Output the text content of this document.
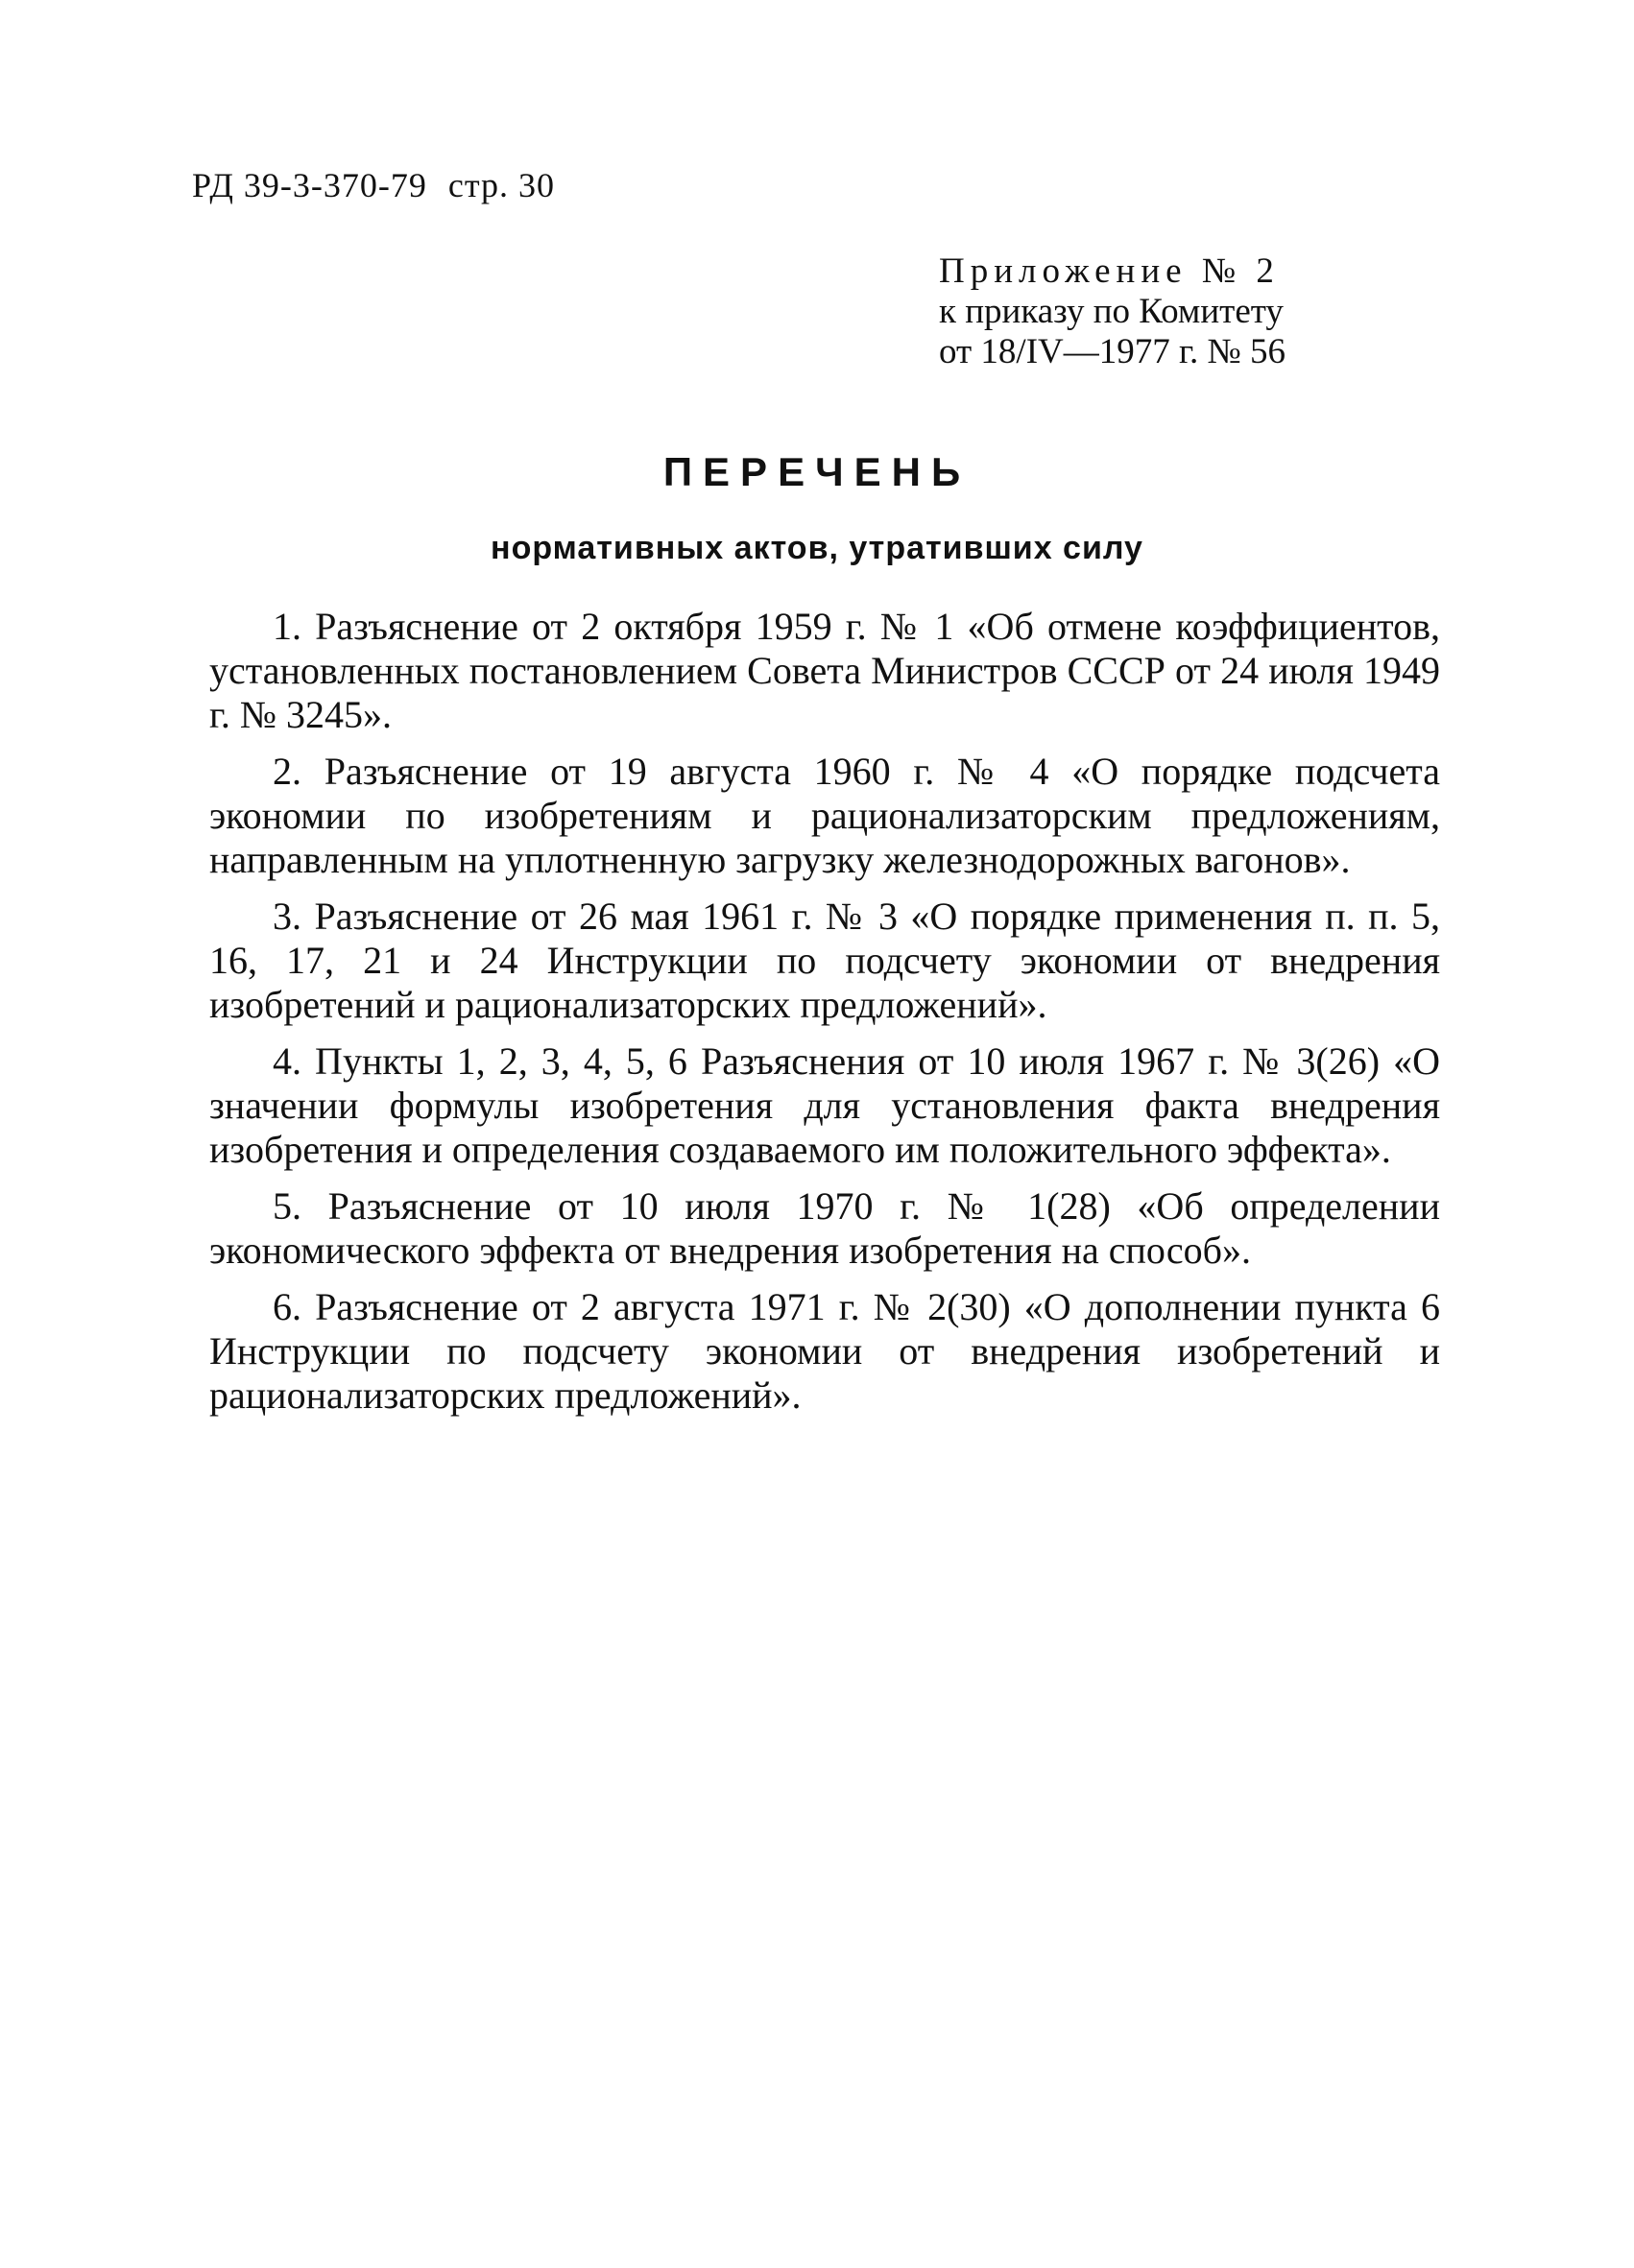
РД 39-3-370-79 стр. 30
Приложение № 2
к приказу по Комитету
от 18/IV—1977 г. № 56
ПЕРЕЧЕНЬ
нормативных актов, утративших силу

1. Разъяснение от 2 октября 1959 г. № 1 «Об отмене коэффициентов, установленных постановлением Совета Министров СССР от 24 июля 1949 г. № 3245».

2. Разъяснение от 19 августа 1960 г. № 4 «О порядке подсчета экономии по изобретениям и рационализаторским предложениям, направленным на уплотненную загрузку железнодорожных вагонов».

3. Разъяснение от 26 мая 1961 г. № 3 «О порядке применения п. п. 5, 16, 17, 21 и 24 Инструкции по подсчету экономии от внедрения изобретений и рационализаторских предложений».

4. Пункты 1, 2, 3, 4, 5, 6 Разъяснения от 10 июля 1967 г. № 3(26) «О значении формулы изобретения для установления факта внедрения изобретения и определения создаваемого им положительного эффекта».

5. Разъяснение от 10 июля 1970 г. № 1(28) «Об определении экономического эффекта от внедрения изобретения на способ».

6. Разъяснение от 2 августа 1971 г. № 2(30) «О дополнении пункта 6 Инструкции по подсчету экономии от внедрения изобретений и рационализаторских предложений».
